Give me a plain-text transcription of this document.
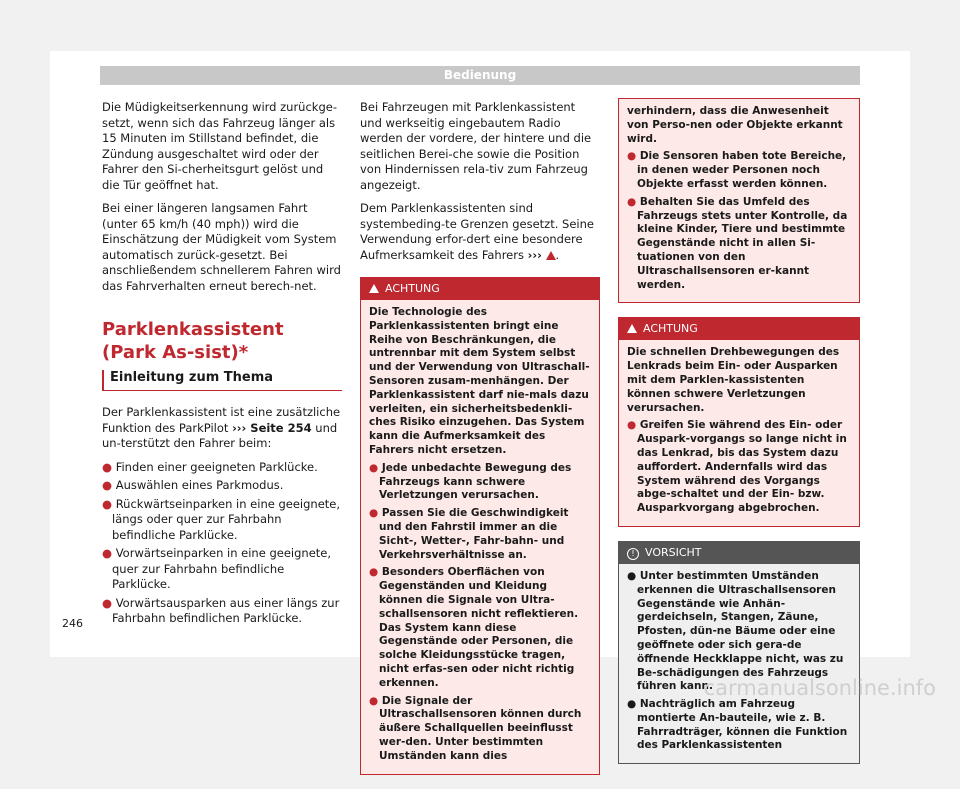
Bedienung

Die Müdigkeitserkennung wird zurückge-setzt, wenn sich das Fahrzeug länger als 15 Minuten im Stillstand befindet, die Zündung ausgeschaltet wird oder der Fahrer den Si-cherheitsgurt gelöst und die Tür geöffnet hat.

Bei einer längeren langsamen Fahrt (unter 65 km/h (40 mph)) wird die Einschätzung der Müdigkeit vom System automatisch zurück-gesetzt. Bei anschließendem schnellerem Fahren wird das Fahrverhalten erneut berech-net.

Parklenkassistent (Park As-sist)*
Einleitung zum Thema

Der Parklenkassistent ist eine zusätzliche Funktion des ParkPilot ››› Seite 254 und un-terstützt den Fahrer beim:

● Finden einer geeigneten Parklücke.

● Auswählen eines Parkmodus.

● Rückwärtseinparken in eine geeignete, längs oder quer zur Fahrbahn befindliche Parklücke.

● Vorwärtseinparken in eine geeignete, quer zur Fahrbahn befindliche Parklücke.

● Vorwärtsausparken aus einer längs zur Fahrbahn befindlichen Parklücke.

Bei Fahrzeugen mit Parklenkassistent und werkseitig eingebautem Radio werden der vordere, der hintere und die seitlichen Berei-che sowie die Position von Hindernissen rela-tiv zum Fahrzeug angezeigt.

Dem Parklenkassistenten sind systembeding-te Grenzen gesetzt. Seine Verwendung erfor-dert eine besondere Aufmerksamkeit des Fahrers ››› .

ACHTUNG

Die Technologie des Parklenkassistenten bringt eine Reihe von Beschränkungen, die untrennbar mit dem System selbst und der Verwendung von Ultraschall-Sensoren zusam-menhängen. Der Parklenkassistent darf nie-mals dazu verleiten, ein sicherheitsbedenkli-ches Risiko einzugehen. Das System kann die Aufmerksamkeit des Fahrers nicht ersetzen.

● Jede unbedachte Bewegung des Fahrzeugs kann schwere Verletzungen verursachen.

● Passen Sie die Geschwindigkeit und den Fahrstil immer an die Sicht-, Wetter-, Fahr-bahn- und Verkehrsverhältnisse an.

● Besonders Oberflächen von Gegenständen und Kleidung können die Signale von Ultra-schallsensoren nicht reflektieren. Das System kann diese Gegenstände oder Personen, die solche Kleidungsstücke tragen, nicht erfas-sen oder nicht richtig erkennen.

● Die Signale der Ultraschallsensoren können durch äußere Schallquellen beeinflusst wer-den. Unter bestimmten Umständen kann dies

verhindern, dass die Anwesenheit von Perso-nen oder Objekte erkannt wird.

● Die Sensoren haben tote Bereiche, in denen weder Personen noch Objekte erfasst werden können.

● Behalten Sie das Umfeld des Fahrzeugs stets unter Kontrolle, da kleine Kinder, Tiere und bestimmte Gegenstände nicht in allen Si-tuationen von den Ultraschallsensoren er-kannt werden.

ACHTUNG

Die schnellen Drehbewegungen des Lenkrads beim Ein- oder Ausparken mit dem Parklen-kassistenten können schwere Verletzungen verursachen.

● Greifen Sie während des Ein- oder Auspark-vorgangs so lange nicht in das Lenkrad, bis das System dazu auffordert. Andernfalls wird das System während des Vorgangs abge-schaltet und der Ein- bzw. Ausparkvorgang abgebrochen.

! VORSICHT

● Unter bestimmten Umständen erkennen die Ultraschallsensoren Gegenstände wie Anhän-gerdeichseln, Stangen, Zäune, Pfosten, dün-ne Bäume oder eine geöffnete oder sich gera-de öffnende Heckklappe nicht, was zu Be-schädigungen des Fahrzeugs führen kann.

● Nachträglich am Fahrzeug montierte An-bauteile, wie z. B. Fahrradträger, können die Funktion des Parklenkassistenten

246
carmanualsonline.info
